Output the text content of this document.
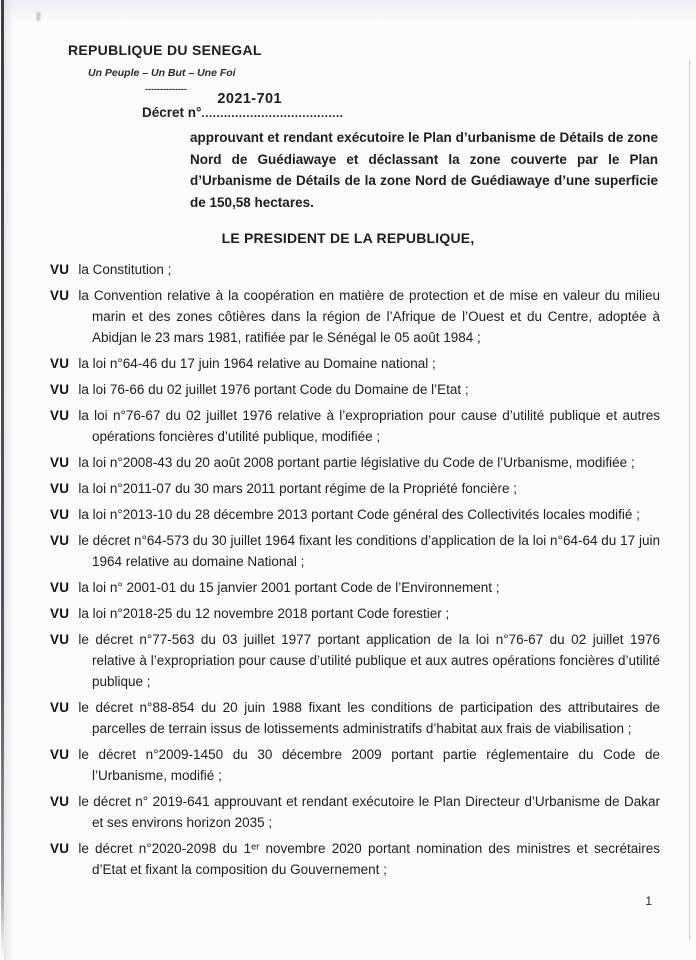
REPUBLIQUE DU SENEGAL
Un Peuple – Un But – Une Foi
--------------
Décret n°
2021-701
......................................
approuvant et rendant exécutoire le Plan d’urbanisme de Détails de zone Nord de Guédiawaye et déclassant la zone couverte par le Plan d’Urbanisme de Détails de la zone Nord de Guédiawaye d’une superficie de 150,58 hectares.
LE PRESIDENT DE LA REPUBLIQUE,

VU la Constitution ;

VU la Convention relative à la coopération en matière de protection et de mise en valeur du milieu marin et des zones côtières dans la région de l’Afrique de l’Ouest et du Centre, adoptée à Abidjan le 23 mars 1981, ratifiée par le Sénégal le 05 août 1984 ;

VU la loi n°64-46 du 17 juin 1964 relative au Domaine national ;

VU la loi 76-66 du 02 juillet 1976 portant Code du Domaine de l’Etat ;

VU la loi n°76-67 du 02 juillet 1976 relative à l’expropriation pour cause d’utilité publique et autres opérations foncières d’utilité publique, modifiée ;

VU la loi n°2008-43 du 20 août 2008 portant partie législative du Code de l’Urbanisme, modifiée ;

VU la loi n°2011-07 du 30 mars 2011 portant régime de la Propriété foncière ;

VU la loi n°2013-10 du 28 décembre 2013 portant Code général des Collectivités locales modifié ;

VU le décret n°64-573 du 30 juillet 1964 fixant les conditions d’application de la loi n°64-64 du 17 juin 1964 relative au domaine National ;

VU la loi n° 2001-01 du 15 janvier 2001 portant Code de l’Environnement ;

VU la loi n°2018-25 du 12 novembre 2018 portant Code forestier ;

VU le décret n°77-563 du 03 juillet 1977 portant application de la loi n°76-67 du 02 juillet 1976 relative à l’expropriation pour cause d’utilité publique et aux autres opérations foncières d’utilité publique ;

VU le décret n°88-854 du 20 juin 1988 fixant les conditions de participation des attributaires de parcelles de terrain issus de lotissements administratifs d’habitat aux frais de viabilisation ;

VU le décret n°2009-1450 du 30 décembre 2009 portant partie réglementaire du Code de l’Urbanisme, modifié ;

VU le décret n° 2019-641 approuvant et rendant exécutoire le Plan Directeur d’Urbanisme de Dakar et ses environs horizon 2035 ;

VU le décret n°2020-2098 du 1ᵉʳ novembre 2020 portant nomination des ministres et secrétaires d’Etat et fixant la composition du Gouvernement ;

1
